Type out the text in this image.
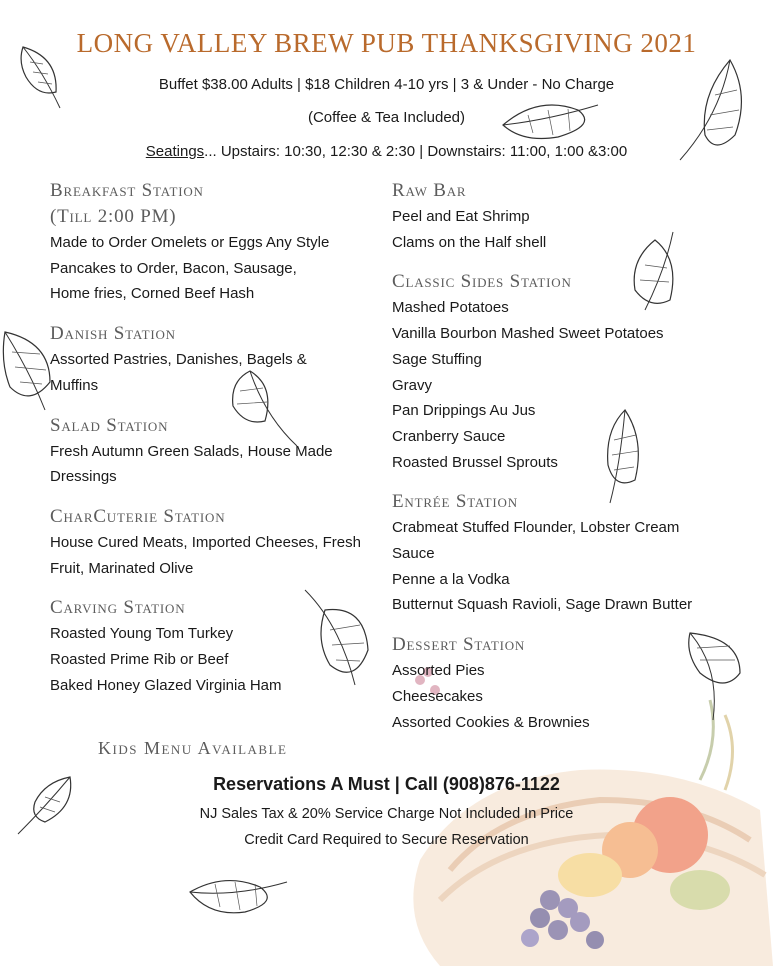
LONG VALLEY BREW PUB THANKSGIVING 2021
Buffet $38.00 Adults | $18 Children 4-10 yrs | 3 & Under - No Charge
(Coffee & Tea Included)
Seatings... Upstairs: 10:30, 12:30 & 2:30 | Downstairs: 11:00, 1:00 &3:00
Breakfast Station
(Till 2:00 PM)
Made to Order Omelets or Eggs Any Style
Pancakes to Order, Bacon, Sausage,
Home fries, Corned Beef Hash
Danish Station
Assorted Pastries, Danishes, Bagels &
Muffins
Salad Station
Fresh Autumn Green Salads, House Made
Dressings
CharCuterie Station
House Cured Meats, Imported Cheeses, Fresh
Fruit, Marinated Olive
Carving Station
Roasted Young Tom Turkey
Roasted Prime Rib or Beef
Baked Honey Glazed Virginia Ham
Raw Bar
Peel and Eat Shrimp
Clams on the Half shell
Classic Sides Station
Mashed Potatoes
Vanilla Bourbon Mashed Sweet Potatoes
Sage Stuffing
Gravy
Pan Drippings Au Jus
Cranberry Sauce
Roasted Brussel Sprouts
Entrée Station
Crabmeat Stuffed Flounder, Lobster Cream
Sauce
Penne a la Vodka
Butternut Squash Ravioli, Sage Drawn Butter
Dessert Station
Assorted Pies
Cheesecakes
Assorted Cookies & Brownies
Kids Menu Available
Reservations A Must | Call (908)876-1122
NJ Sales Tax & 20% Service Charge Not Included In Price
Credit Card Required to Secure Reservation
